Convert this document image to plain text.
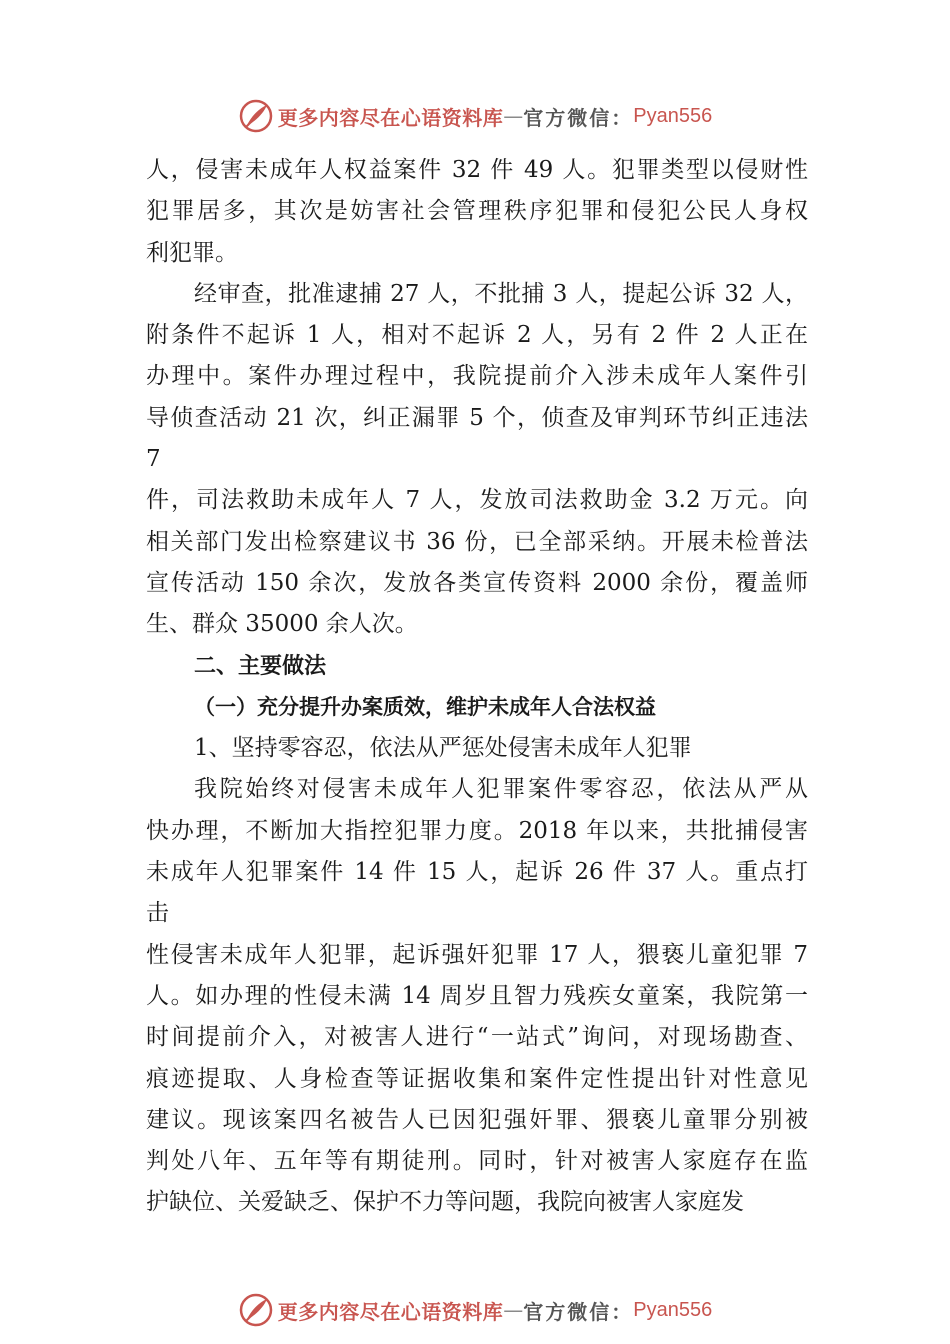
更多内容尽在心语资料库 — 官方微信： Pyan556
人，侵害未成年人权益案件 32 件 49 人。犯罪类型以侵财性
犯罪居多，其次是妨害社会管理秩序犯罪和侵犯公民人身权
利犯罪。
经审查，批准逮捕 27 人，不批捕 3 人，提起公诉 32 人，
附条件不起诉 1 人，相对不起诉 2 人，另有 2 件 2 人正在
办理中。案件办理过程中，我院提前介入涉未成年人案件引
导侦查活动 21 次，纠正漏罪 5 个，侦查及审判环节纠正违法
7
件，司法救助未成年人 7 人，发放司法救助金 3.2 万元。向
相关部门发出检察建议书 36 份，已全部采纳。开展未检普法
宣传活动 150 余次，发放各类宣传资料 2000 余份，覆盖师
生、群众 35000 余人次。
二、主要做法
（一）充分提升办案质效，维护未成年人合法权益
1、坚持零容忍，依法从严惩处侵害未成年人犯罪
我院始终对侵害未成年人犯罪案件零容忍，依法从严从
快办理，不断加大指控犯罪力度。2018 年以来，共批捕侵害
未成年人犯罪案件 14 件 15 人，起诉 26 件 37 人。重点打
击
性侵害未成年人犯罪，起诉强奸犯罪 17 人，猥亵儿童犯罪 7
人。如办理的性侵未满 14 周岁且智力残疾女童案，我院第一
时间提前介入，对被害人进行“一站式”询问，对现场勘查、
痕迹提取、人身检查等证据收集和案件定性提出针对性意见
建议。现该案四名被告人已因犯强奸罪、猥亵儿童罪分别被
判处八年、五年等有期徒刑。同时，针对被害人家庭存在监
护缺位、关爱缺乏、保护不力等问题，我院向被害人家庭发
更多内容尽在心语资料库 — 官方微信： Pyan556
